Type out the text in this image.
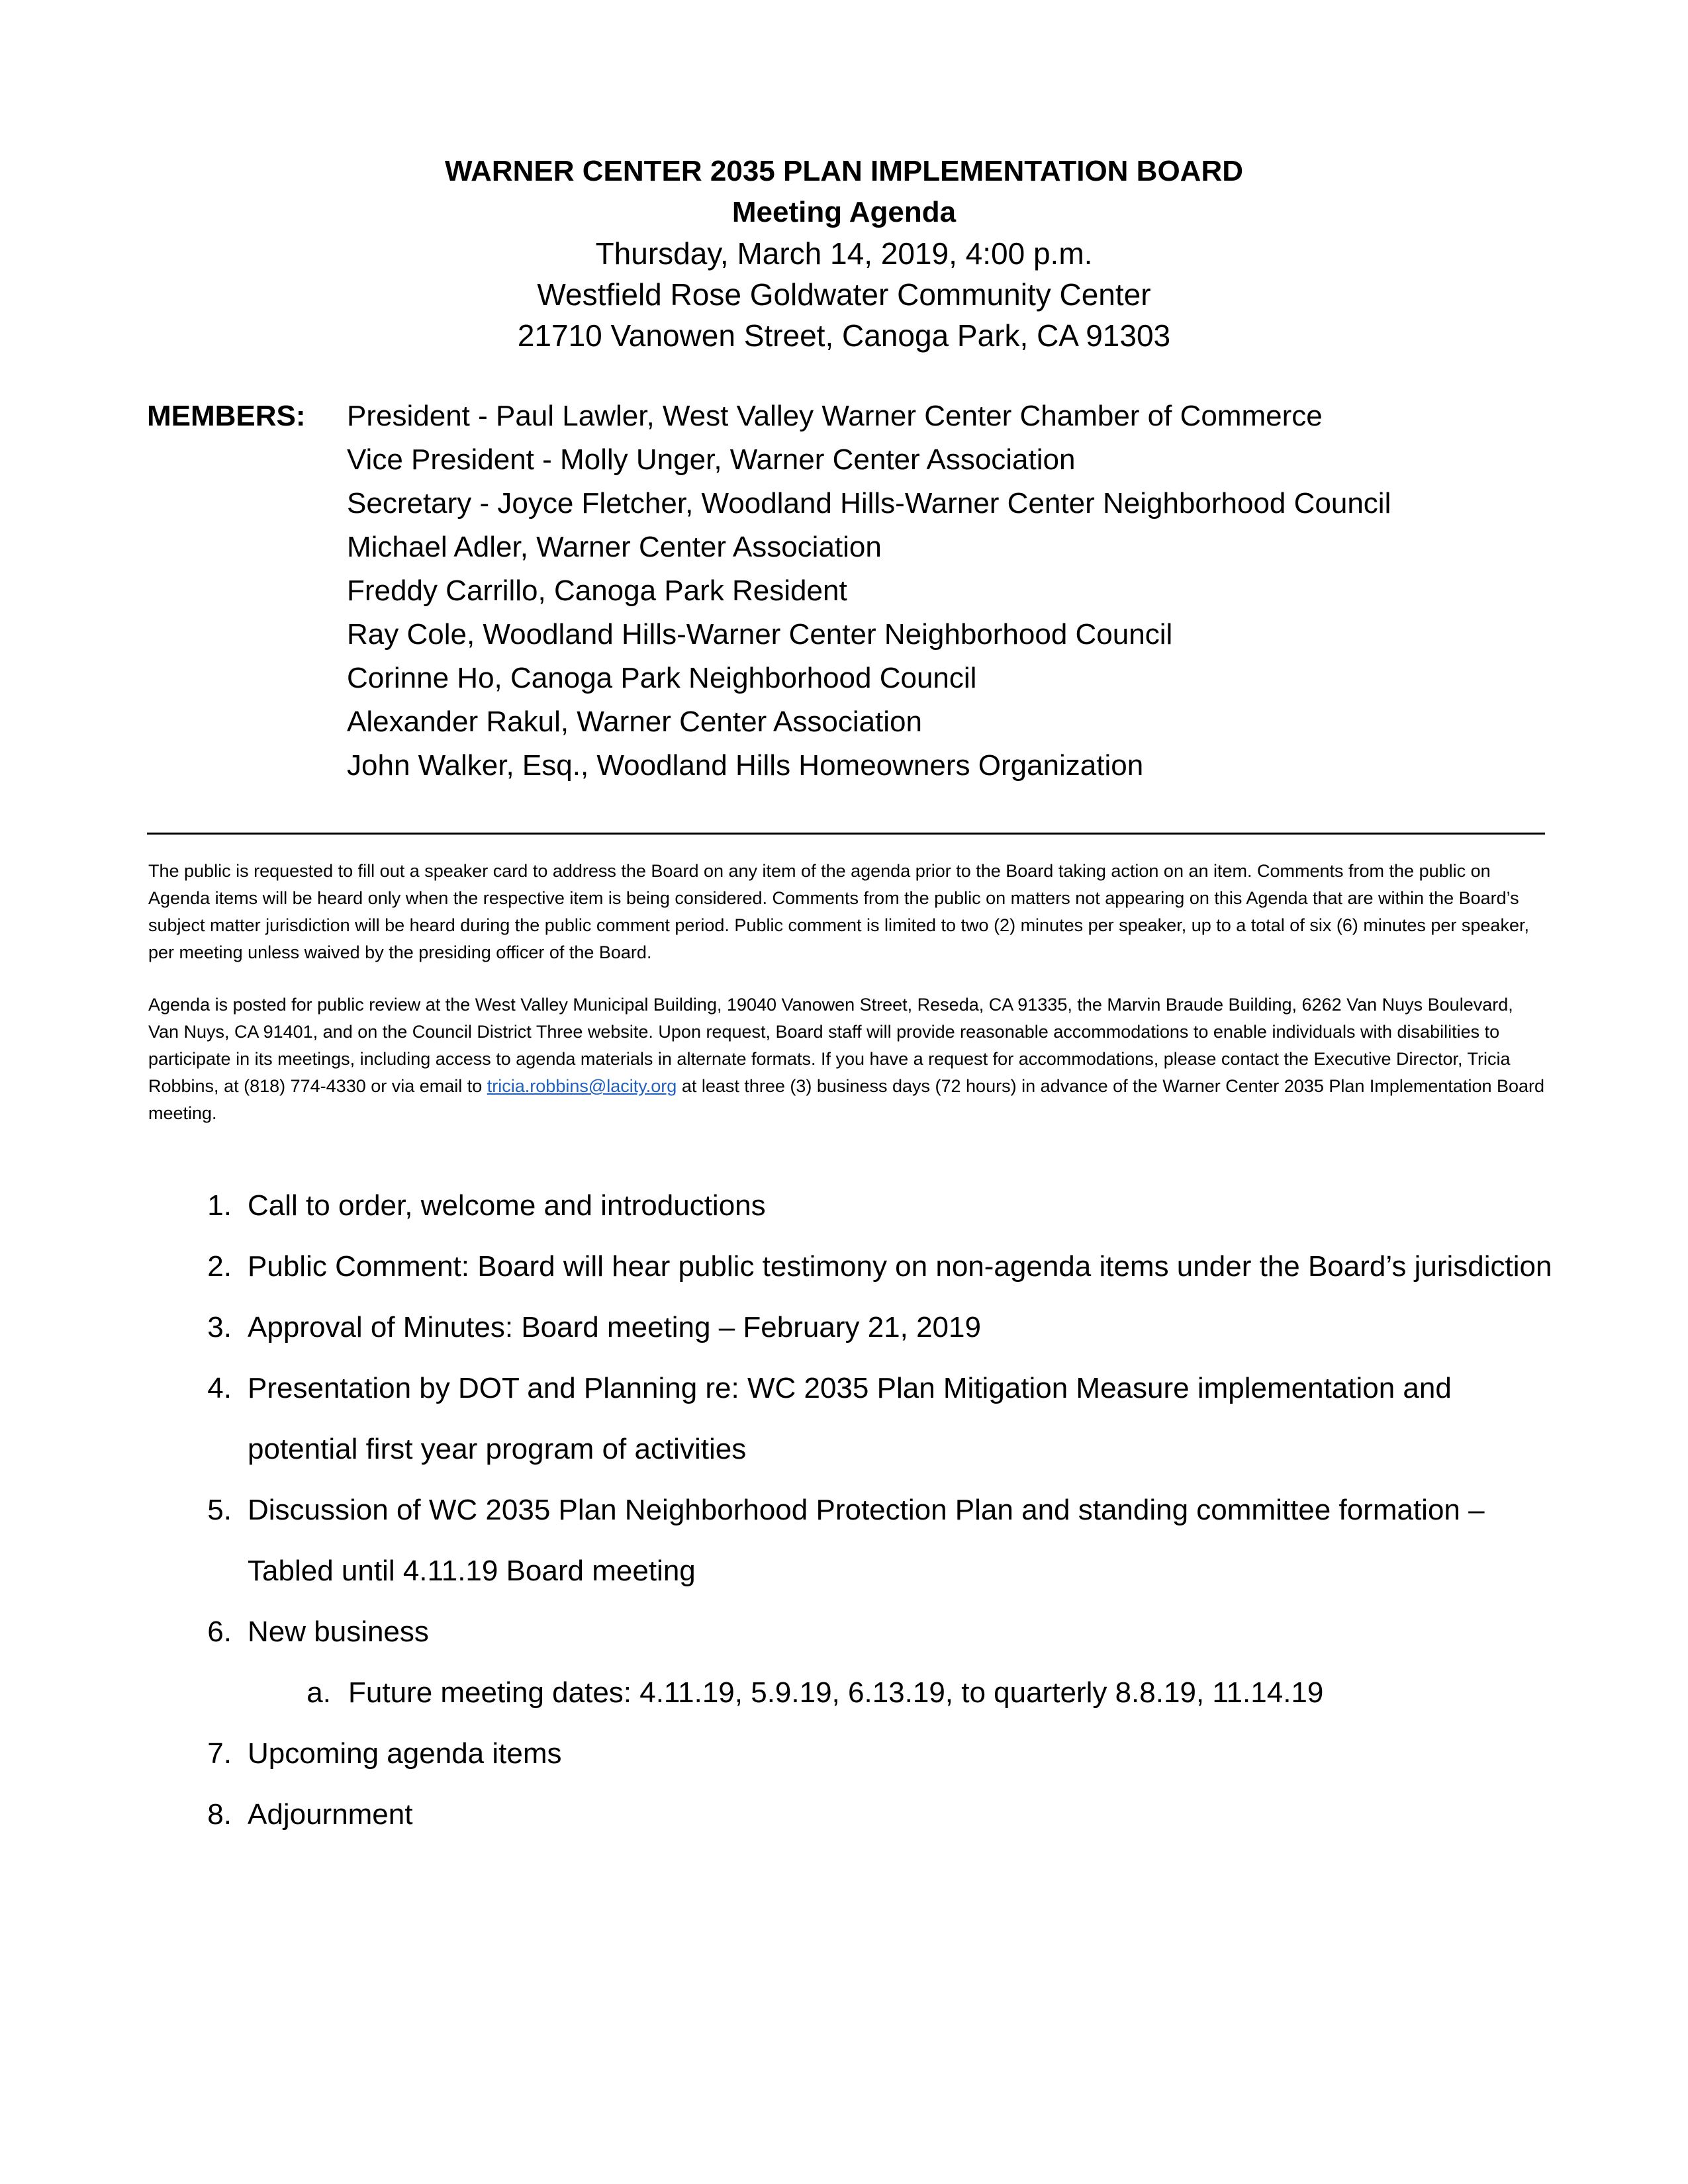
WARNER CENTER 2035 PLAN IMPLEMENTATION BOARD
Meeting Agenda
Thursday, March 14, 2019, 4:00 p.m.
Westfield Rose Goldwater Community Center
21710 Vanowen Street, Canoga Park, CA 91303
MEMBERS: President - Paul Lawler, West Valley Warner Center Chamber of Commerce
Vice President - Molly Unger, Warner Center Association
Secretary - Joyce Fletcher, Woodland Hills-Warner Center Neighborhood Council
Michael Adler, Warner Center Association
Freddy Carrillo, Canoga Park Resident
Ray Cole, Woodland Hills-Warner Center Neighborhood Council
Corinne Ho, Canoga Park Neighborhood Council
Alexander Rakul, Warner Center Association
John Walker, Esq., Woodland Hills Homeowners Organization
The public is requested to fill out a speaker card to address the Board on any item of the agenda prior to the Board taking action on an item. Comments from the public on Agenda items will be heard only when the respective item is being considered. Comments from the public on matters not appearing on this Agenda that are within the Board’s subject matter jurisdiction will be heard during the public comment period. Public comment is limited to two (2) minutes per speaker, up to a total of six (6) minutes per speaker, per meeting unless waived by the presiding officer of the Board.
Agenda is posted for public review at the West Valley Municipal Building, 19040 Vanowen Street, Reseda, CA 91335, the Marvin Braude Building, 6262 Van Nuys Boulevard, Van Nuys, CA 91401, and on the Council District Three website. Upon request, Board staff will provide reasonable accommodations to enable individuals with disabilities to participate in its meetings, including access to agenda materials in alternate formats. If you have a request for accommodations, please contact the Executive Director, Tricia Robbins, at (818) 774-4330 or via email to tricia.robbins@lacity.org at least three (3) business days (72 hours) in advance of the Warner Center 2035 Plan Implementation Board meeting.
1. Call to order, welcome and introductions
2. Public Comment: Board will hear public testimony on non-agenda items under the Board’s jurisdiction
3. Approval of Minutes: Board meeting – February 21, 2019
4. Presentation by DOT and Planning re: WC 2035 Plan Mitigation Measure implementation and potential first year program of activities
5. Discussion of WC 2035 Plan Neighborhood Protection Plan and standing committee formation – Tabled until 4.11.19 Board meeting
6. New business
a. Future meeting dates: 4.11.19, 5.9.19, 6.13.19, to quarterly 8.8.19, 11.14.19
7. Upcoming agenda items
8. Adjournment
